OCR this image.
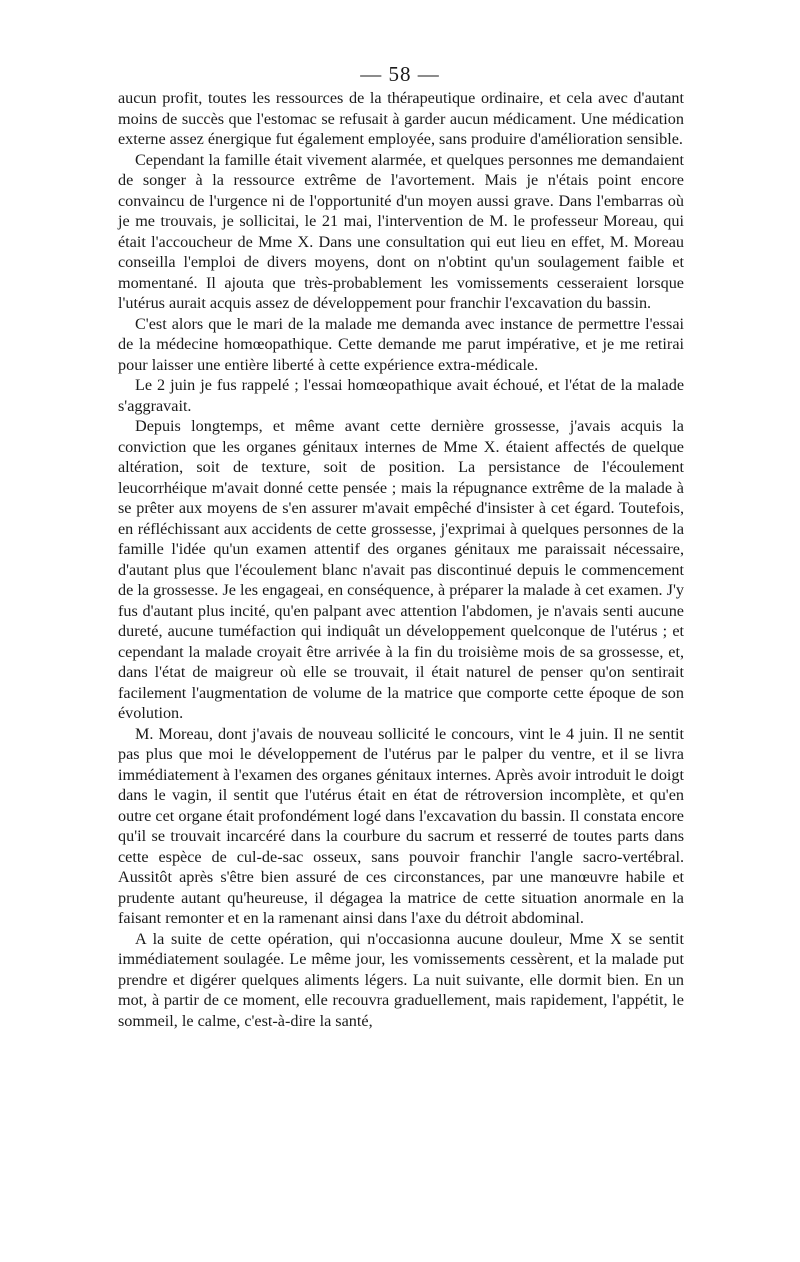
— 58 —

aucun profit, toutes les ressources de la thérapeutique ordinaire, et cela avec d'autant moins de succès que l'estomac se refusait à garder aucun médicament. Une médication externe assez énergique fut également employée, sans produire d'amélioration sensible.

Cependant la famille était vivement alarmée, et quelques personnes me demandaient de songer à la ressource extrême de l'avortement. Mais je n'étais point encore convaincu de l'urgence ni de l'opportunité d'un moyen aussi grave. Dans l'embarras où je me trouvais, je sollicitai, le 21 mai, l'intervention de M. le professeur Moreau, qui était l'accoucheur de Mme X. Dans une consultation qui eut lieu en effet, M. Moreau conseilla l'emploi de divers moyens, dont on n'obtint qu'un soulagement faible et momentané. Il ajouta que très-probablement les vomissements cesseraient lorsque l'utérus aurait acquis assez de développement pour franchir l'excavation du bassin.

C'est alors que le mari de la malade me demanda avec instance de permettre l'essai de la médecine homœopathique. Cette demande me parut impérative, et je me retirai pour laisser une entière liberté à cette expérience extra-médicale.

Le 2 juin je fus rappelé ; l'essai homœopathique avait échoué, et l'état de la malade s'aggravait.

Depuis longtemps, et même avant cette dernière grossesse, j'avais acquis la conviction que les organes génitaux internes de Mme X. étaient affectés de quelque altération, soit de texture, soit de position. La persistance de l'écoulement leucorrhéique m'avait donné cette pensée ; mais la répugnance extrême de la malade à se prêter aux moyens de s'en assurer m'avait empêché d'insister à cet égard. Toutefois, en réfléchissant aux accidents de cette grossesse, j'exprimai à quelques personnes de la famille l'idée qu'un examen attentif des organes génitaux me paraissait nécessaire, d'autant plus que l'écoulement blanc n'avait pas discontinué depuis le commencement de la grossesse. Je les engageai, en conséquence, à préparer la malade à cet examen. J'y fus d'autant plus incité, qu'en palpant avec attention l'abdomen, je n'avais senti aucune dureté, aucune tuméfaction qui indiquât un développement quelconque de l'utérus ; et cependant la malade croyait être arrivée à la fin du troisième mois de sa grossesse, et, dans l'état de maigreur où elle se trouvait, il était naturel de penser qu'on sentirait facilement l'augmentation de volume de la matrice que comporte cette époque de son évolution.

M. Moreau, dont j'avais de nouveau sollicité le concours, vint le 4 juin. Il ne sentit pas plus que moi le développement de l'utérus par le palper du ventre, et il se livra immédiatement à l'examen des organes génitaux internes. Après avoir introduit le doigt dans le vagin, il sentit que l'utérus était en état de rétroversion incomplète, et qu'en outre cet organe était profondément logé dans l'excavation du bassin. Il constata encore qu'il se trouvait incarcéré dans la courbure du sacrum et resserré de toutes parts dans cette espèce de cul-de-sac osseux, sans pouvoir franchir l'angle sacro-vertébral. Aussitôt après s'être bien assuré de ces circonstances, par une manœuvre habile et prudente autant qu'heureuse, il dégagea la matrice de cette situation anormale en la faisant remonter et en la ramenant ainsi dans l'axe du détroit abdominal.

A la suite de cette opération, qui n'occasionna aucune douleur, Mme X se sentit immédiatement soulagée. Le même jour, les vomissements cessèrent, et la malade put prendre et digérer quelques aliments légers. La nuit suivante, elle dormit bien. En un mot, à partir de ce moment, elle recouvra graduellement, mais rapidement, l'appétit, le sommeil, le calme, c'est-à-dire la santé,
